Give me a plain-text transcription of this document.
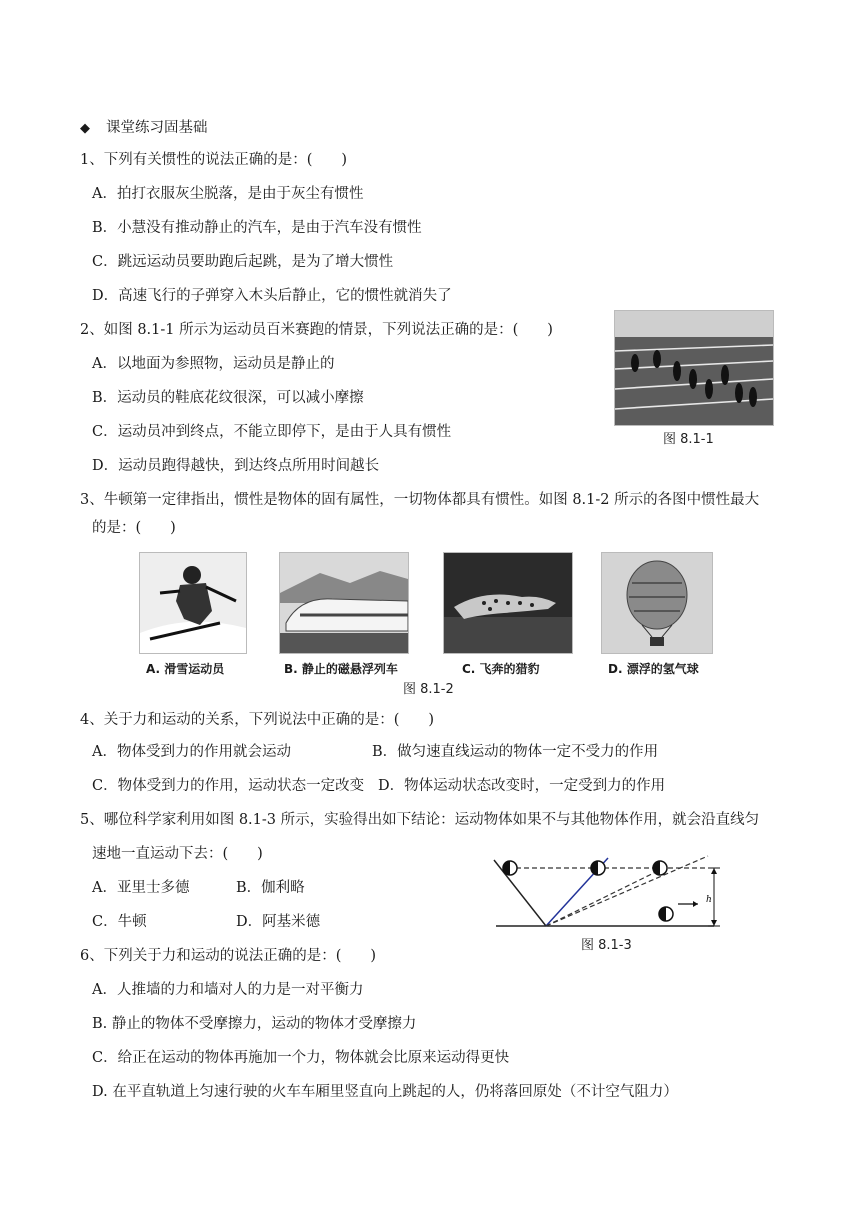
◆ 课堂练习固基础
1、下列有关惯性的说法正确的是：(　　)
A．拍打衣服灰尘脱落，是由于灰尘有惯性
B．小慧没有推动静止的汽车，是由于汽车没有惯性
C．跳远运动员要助跑后起跳，是为了增大惯性
D．高速飞行的子弹穿入木头后静止，它的惯性就消失了
2、如图 8.1-1 所示为运动员百米赛跑的情景，下列说法正确的是：(　　)
A．以地面为参照物，运动员是静止的
B．运动员的鞋底花纹很深，可以减小摩擦
C．运动员冲到终点，不能立即停下，是由于人具有惯性
D．运动员跑得越快，到达终点所用时间越长
图 8.1-1
3、牛顿第一定律指出，惯性是物体的固有属性，一切物体都具有惯性。如图 8.1-2 所示的各图中惯性最大
的是：(　　)
A. 滑雪运动员	B. 静止的磁悬浮列车	C. 飞奔的猎豹	D. 漂浮的氢气球
图 8.1-2
4、关于力和运动的关系，下列说法中正确的是：(　　)
A．物体受到力的作用就会运动	B．做匀速直线运动的物体一定不受力的作用
C．物体受到力的作用，运动状态一定改变 D．物体运动状态改变时，一定受到力的作用
5、哪位科学家利用如图 8.1-3 所示，实验得出如下结论：运动物体如果不与其他物体作用，就会沿直线匀
速地一直运动下去：(　　)
A．亚里士多德	B．伽利略
C．牛顿	D．阿基米德
h
图 8.1-3
6、下列关于力和运动的说法正确的是：(　　)
A．人推墙的力和墙对人的力是一对平衡力
B. 静止的物体不受摩擦力，运动的物体才受摩擦力
C．给正在运动的物体再施加一个力，物体就会比原来运动得更快
D. 在平直轨道上匀速行驶的火车车厢里竖直向上跳起的人，仍将落回原处（不计空气阻力）
